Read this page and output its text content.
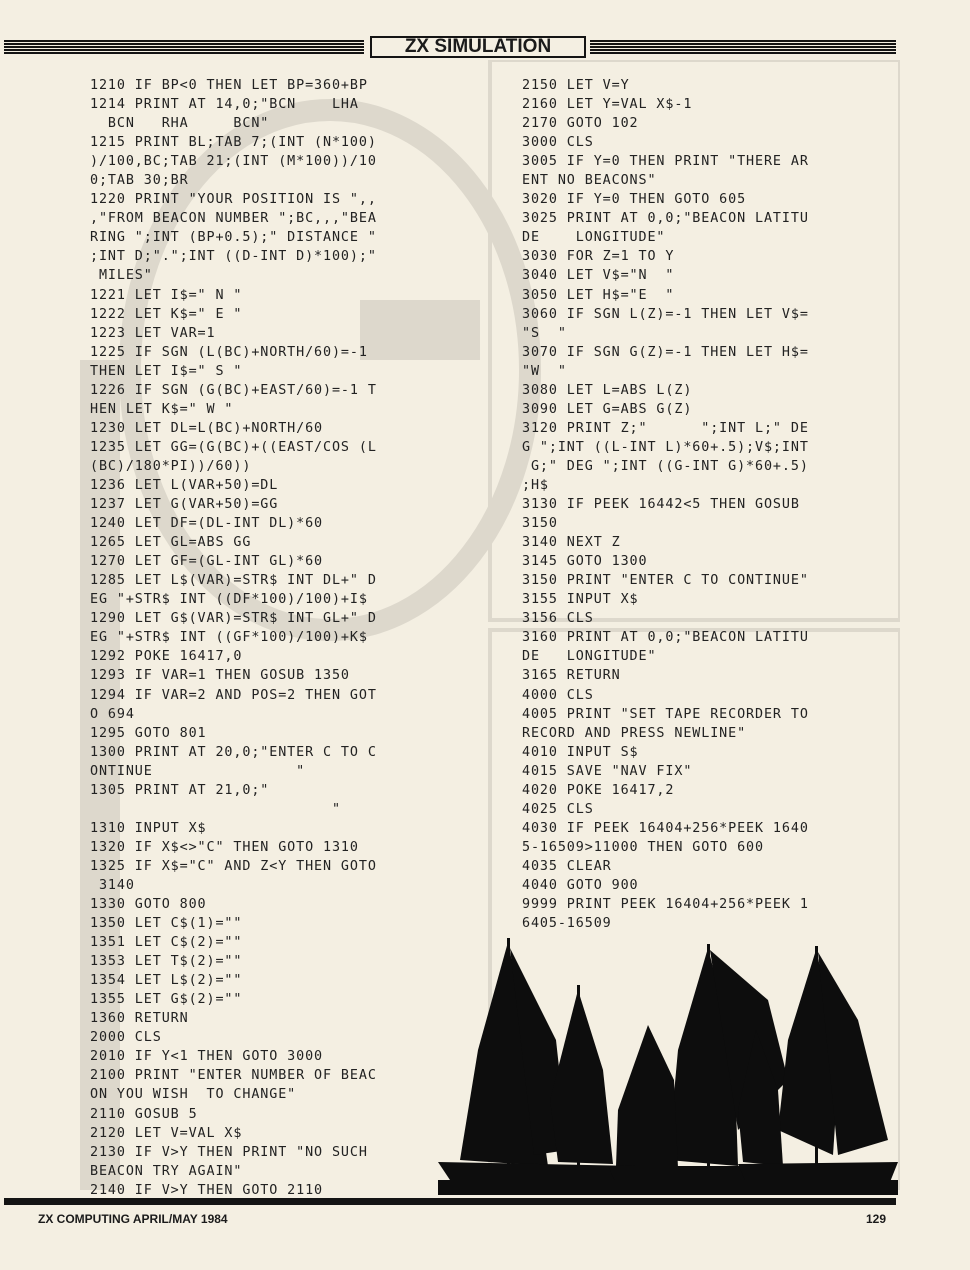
ZX SIMULATION
1210 IF BP<0 THEN LET BP=360+BP
1214 PRINT AT 14,0;"BCN    LHA
BCN   RHA     BCN"
1215 PRINT BL;TAB 7;(INT (N*100)
)/100,BC;TAB 21;(INT (M*100))/10
0;TAB 30;BR
1220 PRINT "YOUR POSITION IS ",,
,"FROM BEACON NUMBER ";BC,,,"BEA
RING ";INT (BP+0.5);" DISTANCE "
;INT D;".";INT ((D-INT D)*100);"
MILES"
1221 LET I$=" N "
1222 LET K$=" E "
1223 LET VAR=1
1225 IF SGN (L(BC)+NORTH/60)=-1
THEN LET I$=" S "
1226 IF SGN (G(BC)+EAST/60)=-1 T
HEN LET K$=" W "
1230 LET DL=L(BC)+NORTH/60
1235 LET GG=(G(BC)+((EAST/COS (L
(BC)/180*PI))/60))
1236 LET L(VAR+50)=DL
1237 LET G(VAR+50)=GG
1240 LET DF=(DL-INT DL)*60
1265 LET GL=ABS GG
1270 LET GF=(GL-INT GL)*60
1285 LET L$(VAR)=STR$ INT DL+" D
EG "+STR$ INT ((DF*100)/100)+I$
1290 LET G$(VAR)=STR$ INT GL+" D
EG "+STR$ INT ((GF*100)/100)+K$
1292 POKE 16417,0
1293 IF VAR=1 THEN GOSUB 1350
1294 IF VAR=2 AND POS=2 THEN GOT
O 694
1295 GOTO 801
1300 PRINT AT 20,0;"ENTER C TO C
ONTINUE                "
1305 PRINT AT 21,0;"
"
1310 INPUT X$
1320 IF X$<>"C" THEN GOTO 1310
1325 IF X$="C" AND Z<Y THEN GOTO
3140
1330 GOTO 800
1350 LET C$(1)=""
1351 LET C$(2)=""
1353 LET T$(2)=""
1354 LET L$(2)=""
1355 LET G$(2)=""
1360 RETURN
2000 CLS
2010 IF Y<1 THEN GOTO 3000
2100 PRINT "ENTER NUMBER OF BEAC
ON YOU WISH  TO CHANGE"
2110 GOSUB 5
2120 LET V=VAL X$
2130 IF V>Y THEN PRINT "NO SUCH
BEACON TRY AGAIN"
2140 IF V>Y THEN GOTO 2110
2150 LET V=Y
2160 LET Y=VAL X$-1
2170 GOTO 102
3000 CLS
3005 IF Y=0 THEN PRINT "THERE AR
ENT NO BEACONS"
3020 IF Y=0 THEN GOTO 605
3025 PRINT AT 0,0;"BEACON LATITU
DE    LONGITUDE"
3030 FOR Z=1 TO Y
3040 LET V$="N  "
3050 LET H$="E  "
3060 IF SGN L(Z)=-1 THEN LET V$=
"S  "
3070 IF SGN G(Z)=-1 THEN LET H$=
"W  "
3080 LET L=ABS L(Z)
3090 LET G=ABS G(Z)
3120 PRINT Z;"      ";INT L;" DE
G ";INT ((L-INT L)*60+.5);V$;INT
G;" DEG ";INT ((G-INT G)*60+.5)
;H$
3130 IF PEEK 16442<5 THEN GOSUB
3150
3140 NEXT Z
3145 GOTO 1300
3150 PRINT "ENTER C TO CONTINUE"
3155 INPUT X$
3156 CLS
3160 PRINT AT 0,0;"BEACON LATITU
DE   LONGITUDE"
3165 RETURN
4000 CLS
4005 PRINT "SET TAPE RECORDER TO
RECORD AND PRESS NEWLINE"
4010 INPUT S$
4015 SAVE "NAV FIX"
4020 POKE 16417,2
4025 CLS
4030 IF PEEK 16404+256*PEEK 1640
5-16509>11000 THEN GOTO 600
4035 CLEAR
4040 GOTO 900
9999 PRINT PEEK 16404+256*PEEK 1
6405-16509
ZX COMPUTING APRIL/MAY 1984	129
